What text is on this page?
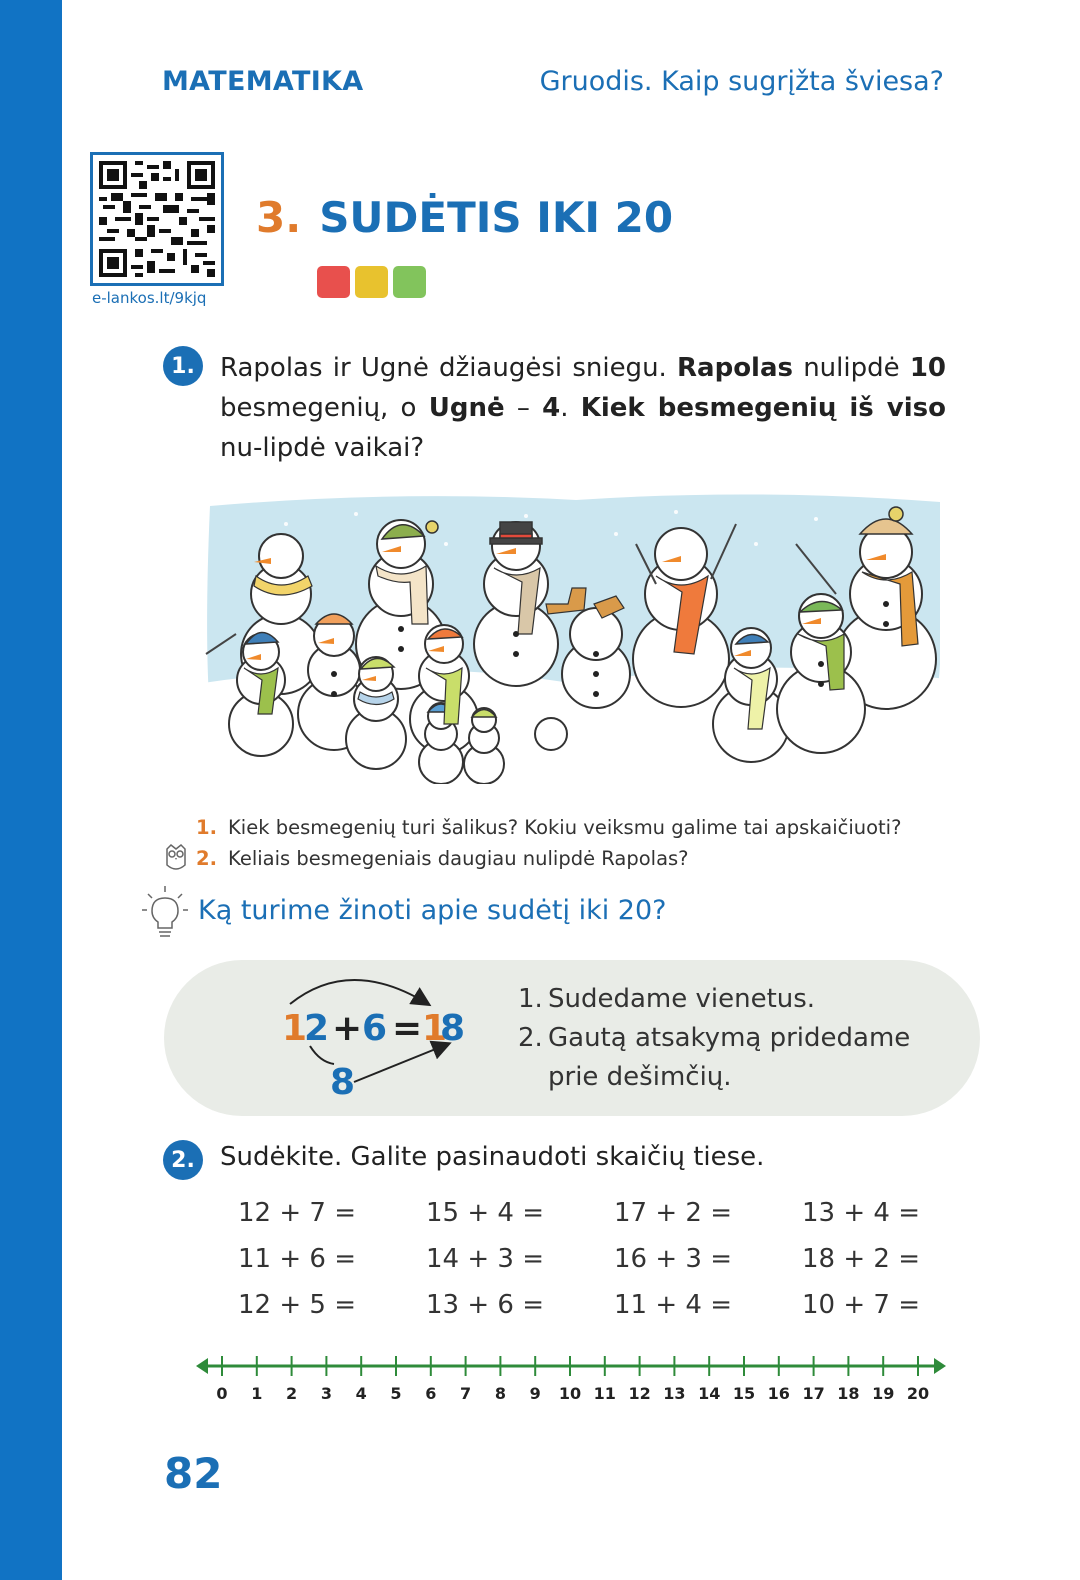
MATEMATIKA	Gruodis. Kaip sugrįžta šviesa?
e-lankos.lt/9kjq
3. SUDĖTIS IKI 20
1. Rapolas ir Ugnė džiaugėsi sniegu. Rapolas nulipdė 10 besmegenių, o Ugnė – 4. Kiek besmegenių iš viso nu-lipdė vaikai?
1. Kiek besmegenių turi šalikus? Kokiu veiksmu galime tai apskaičiuoti?
2. Keliais besmegeniais daugiau nulipdė Rapolas?
Ką turime žinoti apie sudėtį iki 20?
1
2 + 6 = 1
8
8
1. Sudedame vienetus.
2. Gautą atsakymą pridedame
prie dešimčių.
2. Sudėkite. Galite pasinaudoti skaičių tiese.
12 + 7 =	15 + 4 =	17 + 2 =	13 + 4 =
11 + 6 =	14 + 3 =	16 + 3 =	18 + 2 =
12 + 5 =	13 + 6 =	11 + 4 =	10 + 7 =
0 1 2 3 4 5 6 7 8 9 10 11 12 13 14 15 16 17 18 19 20
82
